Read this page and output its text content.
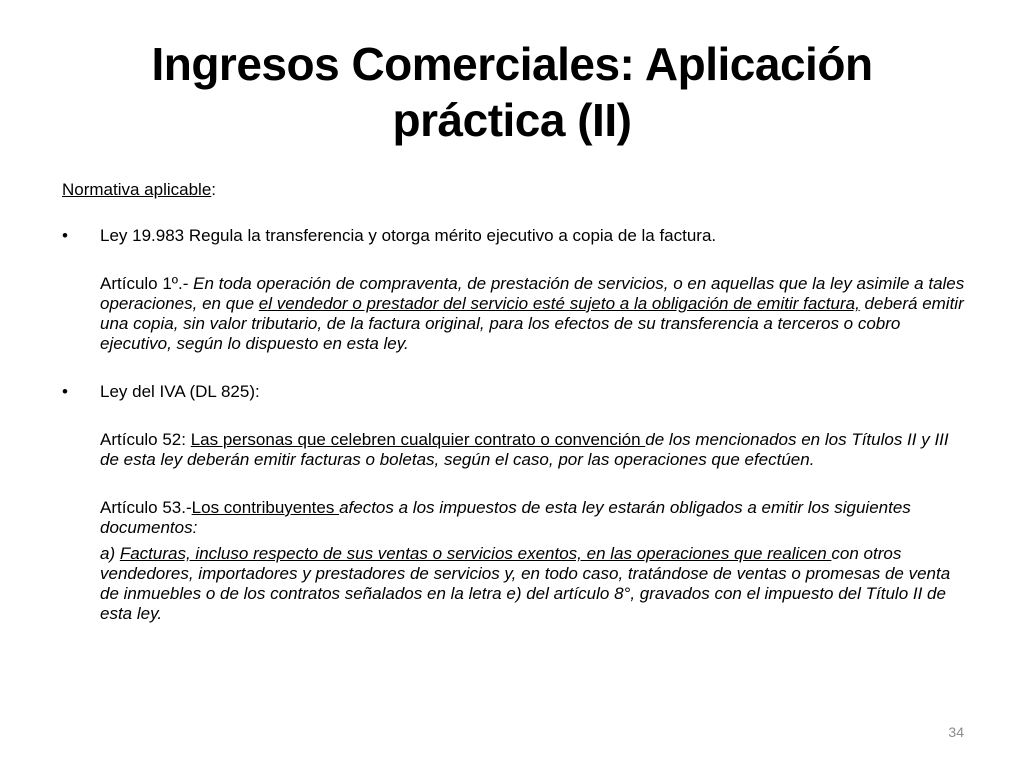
Ingresos Comerciales: Aplicación
práctica (II)

Normativa aplicable:

•	Ley 19.983 Regula la transferencia y otorga mérito ejecutivo a copia de la factura.

Artículo 1º.- En toda operación de compraventa, de prestación de servicios, o en aquellas que la ley asimile a tales operaciones, en que el vendedor o prestador del servicio esté sujeto a la obligación de emitir factura, deberá emitir una copia, sin valor tributario, de la factura original, para los efectos de su transferencia a terceros o cobro ejecutivo, según lo dispuesto en esta ley.

•	Ley del IVA (DL 825):

Artículo 52: Las personas que celebren cualquier contrato o convención de los mencionados en los Títulos II y III de esta ley deberán emitir facturas o boletas, según el caso, por las operaciones que efectúen.

Artículo 53.-Los contribuyentes afectos a los impuestos de esta ley estarán obligados a emitir los siguientes documentos:

a) Facturas, incluso respecto de sus ventas o servicios exentos, en las operaciones que realicen con otros vendedores, importadores y prestadores de servicios y, en todo caso, tratándose de ventas o promesas de venta de inmuebles o de los contratos señalados en la letra e) del artículo 8°, gravados con el impuesto del Título II de esta ley.

34
